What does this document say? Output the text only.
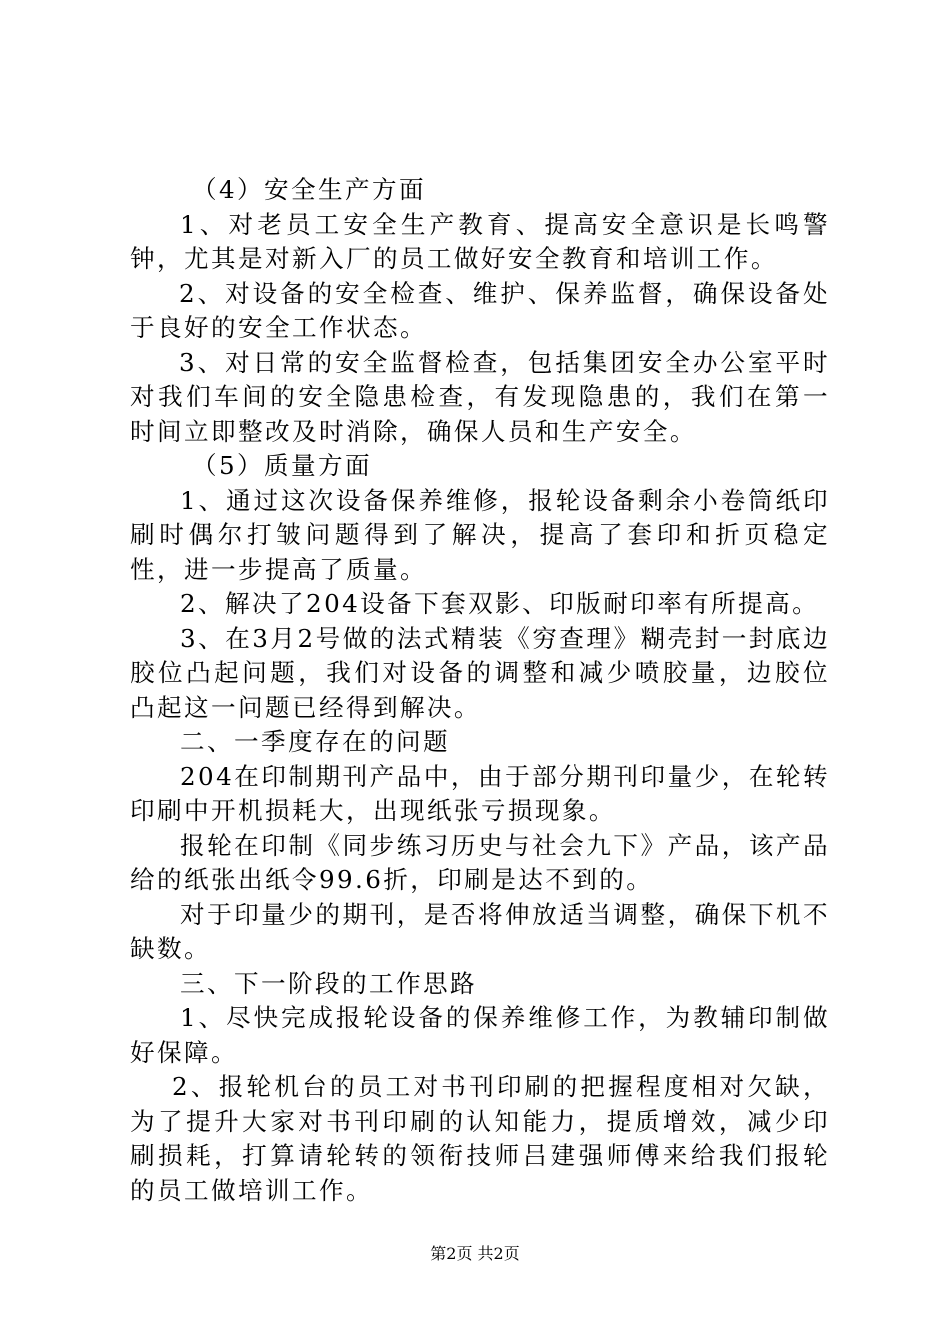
（4）安全生产方面

1、对老员工安全生产教育、提高安全意识是长鸣警钟，尤其是对新入厂的员工做好安全教育和培训工作。

2、对设备的安全检查、维护、保养监督，确保设备处于良好的安全工作状态。

3、对日常的安全监督检查，包括集团安全办公室平时对我们车间的安全隐患检查，有发现隐患的，我们在第一时间立即整改及时消除，确保人员和生产安全。

（5）质量方面

1、通过这次设备保养维修，报轮设备剩余小卷筒纸印刷时偶尔打皱问题得到了解决，提高了套印和折页稳定性，进一步提高了质量。

2、解决了204设备下套双影、印版耐印率有所提高。

3、在3月2号做的法式精装《穷查理》糊壳封一封底边胶位凸起问题，我们对设备的调整和减少喷胶量，边胶位凸起这一问题已经得到解决。

二、一季度存在的问题

204在印制期刊产品中，由于部分期刊印量少，在轮转印刷中开机损耗大，出现纸张亏损现象。

报轮在印制《同步练习历史与社会九下》产品，该产品给的纸张出纸令99.6折，印刷是达不到的。

对于印量少的期刊，是否将伸放适当调整，确保下机不缺数。

三、下一阶段的工作思路

1、尽快完成报轮设备的保养维修工作，为教辅印制做好保障。

2、报轮机台的员工对书刊印刷的把握程度相对欠缺，为了提升大家对书刊印刷的认知能力，提质增效，减少印刷损耗，打算请轮转的领衔技师吕建强师傅来给我们报轮的员工做培训工作。

第2页 共2页
